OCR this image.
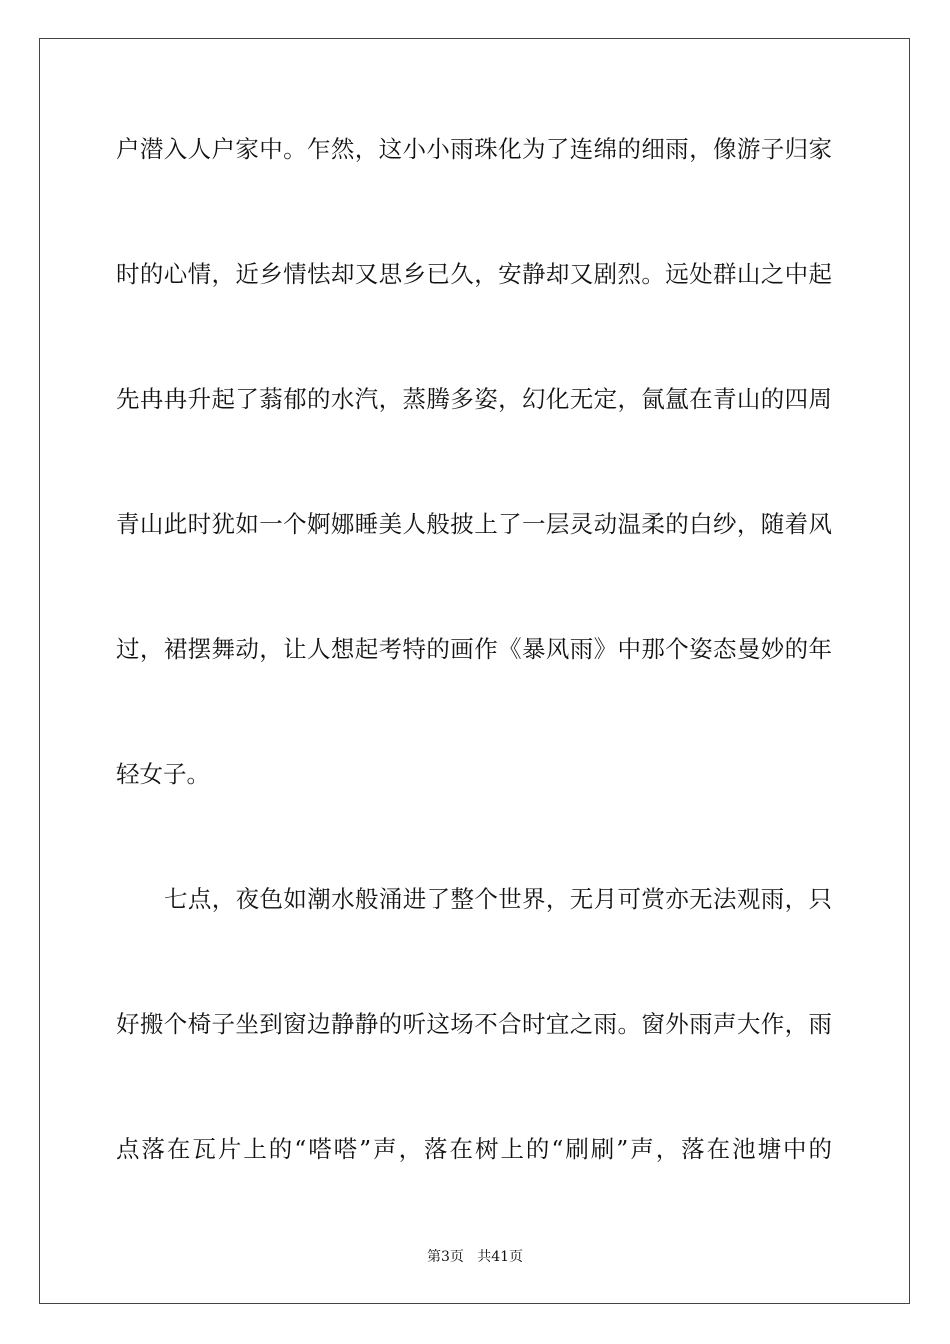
户潜入人户家中。乍然，这小小雨珠化为了连绵的细雨，像游子归家
时的心情，近乡情怯却又思乡已久，安静却又剧烈。远处群山之中起
先冉冉升起了蓊郁的水汽，蒸腾多姿，幻化无定，氤氲在青山的四周
青山此时犹如一个婀娜睡美人般披上了一层灵动温柔的白纱，随着风
过，裙摆舞动，让人想起考特的画作《暴风雨》中那个姿态曼妙的年
轻女子。
七点，夜色如潮水般涌进了整个世界，无月可赏亦无法观雨，只
好搬个椅子坐到窗边静静的听这场不合时宜之雨。窗外雨声大作，雨
点落在瓦片上的“嗒嗒”声，落在树上的“刷刷”声，落在池塘中的
第3页   共41页
